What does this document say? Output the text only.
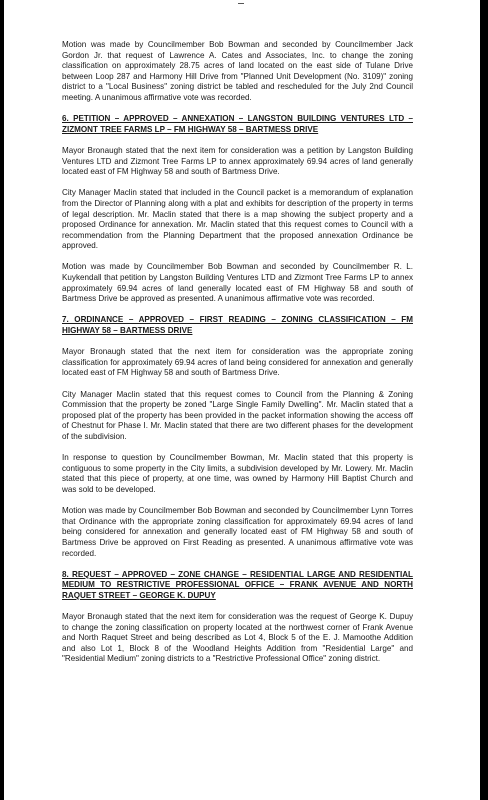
Motion was made by Councilmember Bob Bowman and seconded by Councilmember Jack Gordon Jr. that request of Lawrence A. Cates and Associates, Inc. to change the zoning classification on approximately 28.75 acres of land located on the east side of Tulane Drive between Loop 287 and Harmony Hill Drive from "Planned Unit Development (No. 3109)" zoning district to a "Local Business" zoning district be tabled and rescheduled for the July 2nd Council meeting. A unanimous affirmative vote was recorded.

6. PETITION – APPROVED – ANNEXATION – LANGSTON BUILDING VENTURES LTD – ZIZMONT TREE FARMS LP – FM HIGHWAY 58 – BARTMESS DRIVE

Mayor Bronaugh stated that the next item for consideration was a petition by Langston Building Ventures LTD and Zizmont Tree Farms LP to annex approximately 69.94 acres of land generally located east of FM Highway 58 and south of Bartmess Drive.

City Manager Maclin stated that included in the Council packet is a memorandum of explanation from the Director of Planning along with a plat and exhibits for description of the property in terms of legal description. Mr. Maclin stated that there is a map showing the subject property and a proposed Ordinance for annexation. Mr. Maclin stated that this request comes to Council with a recommendation from the Planning Department that the proposed annexation Ordinance be approved.

Motion was made by Councilmember Bob Bowman and seconded by Councilmember R. L. Kuykendall that petition by Langston Building Ventures LTD and Zizmont Tree Farms LP to annex approximately 69.94 acres of land generally located east of FM Highway 58 and south of Bartmess Drive be approved as presented. A unanimous affirmative vote was recorded.

7. ORDINANCE – APPROVED – FIRST READING – ZONING CLASSIFICATION – FM HIGHWAY 58 – BARTMESS DRIVE

Mayor Bronaugh stated that the next item for consideration was the appropriate zoning classification for approximately 69.94 acres of land being considered for annexation and generally located east of FM Highway 58 and south of Bartmess Drive.

City Manager Maclin stated that this request comes to Council from the Planning & Zoning Commission that the property be zoned "Large Single Family Dwelling". Mr. Maclin stated that a proposed plat of the property has been provided in the packet information showing the access off of Chestnut for Phase I. Mr. Maclin stated that there are two different phases for the development of the subdivision.

In response to question by Councilmember Bowman, Mr. Maclin stated that this property is contiguous to some property in the City limits, a subdivision developed by Mr. Lowery. Mr. Maclin stated that this piece of property, at one time, was owned by Harmony Hill Baptist Church and was sold to be developed.

Motion was made by Councilmember Bob Bowman and seconded by Councilmember Lynn Torres that Ordinance with the appropriate zoning classification for approximately 69.94 acres of land being considered for annexation and generally located east of FM Highway 58 and south of Bartmess Drive be approved on First Reading as presented. A unanimous affirmative vote was recorded.

8. REQUEST – APPROVED – ZONE CHANGE – RESIDENTIAL LARGE AND RESIDENTIAL MEDIUM TO RESTRICTIVE PROFESSIONAL OFFICE – FRANK AVENUE AND NORTH RAQUET STREET – GEORGE K. DUPUY

Mayor Bronaugh stated that the next item for consideration was the request of George K. Dupuy to change the zoning classification on property located at the northwest corner of Frank Avenue and North Raquet Street and being described as Lot 4, Block 5 of the E. J. Mamoothe Addition and also Lot 1, Block 8 of the Woodland Heights Addition from "Residential Large" and "Residential Medium" zoning districts to a "Restrictive Professional Office" zoning district.
